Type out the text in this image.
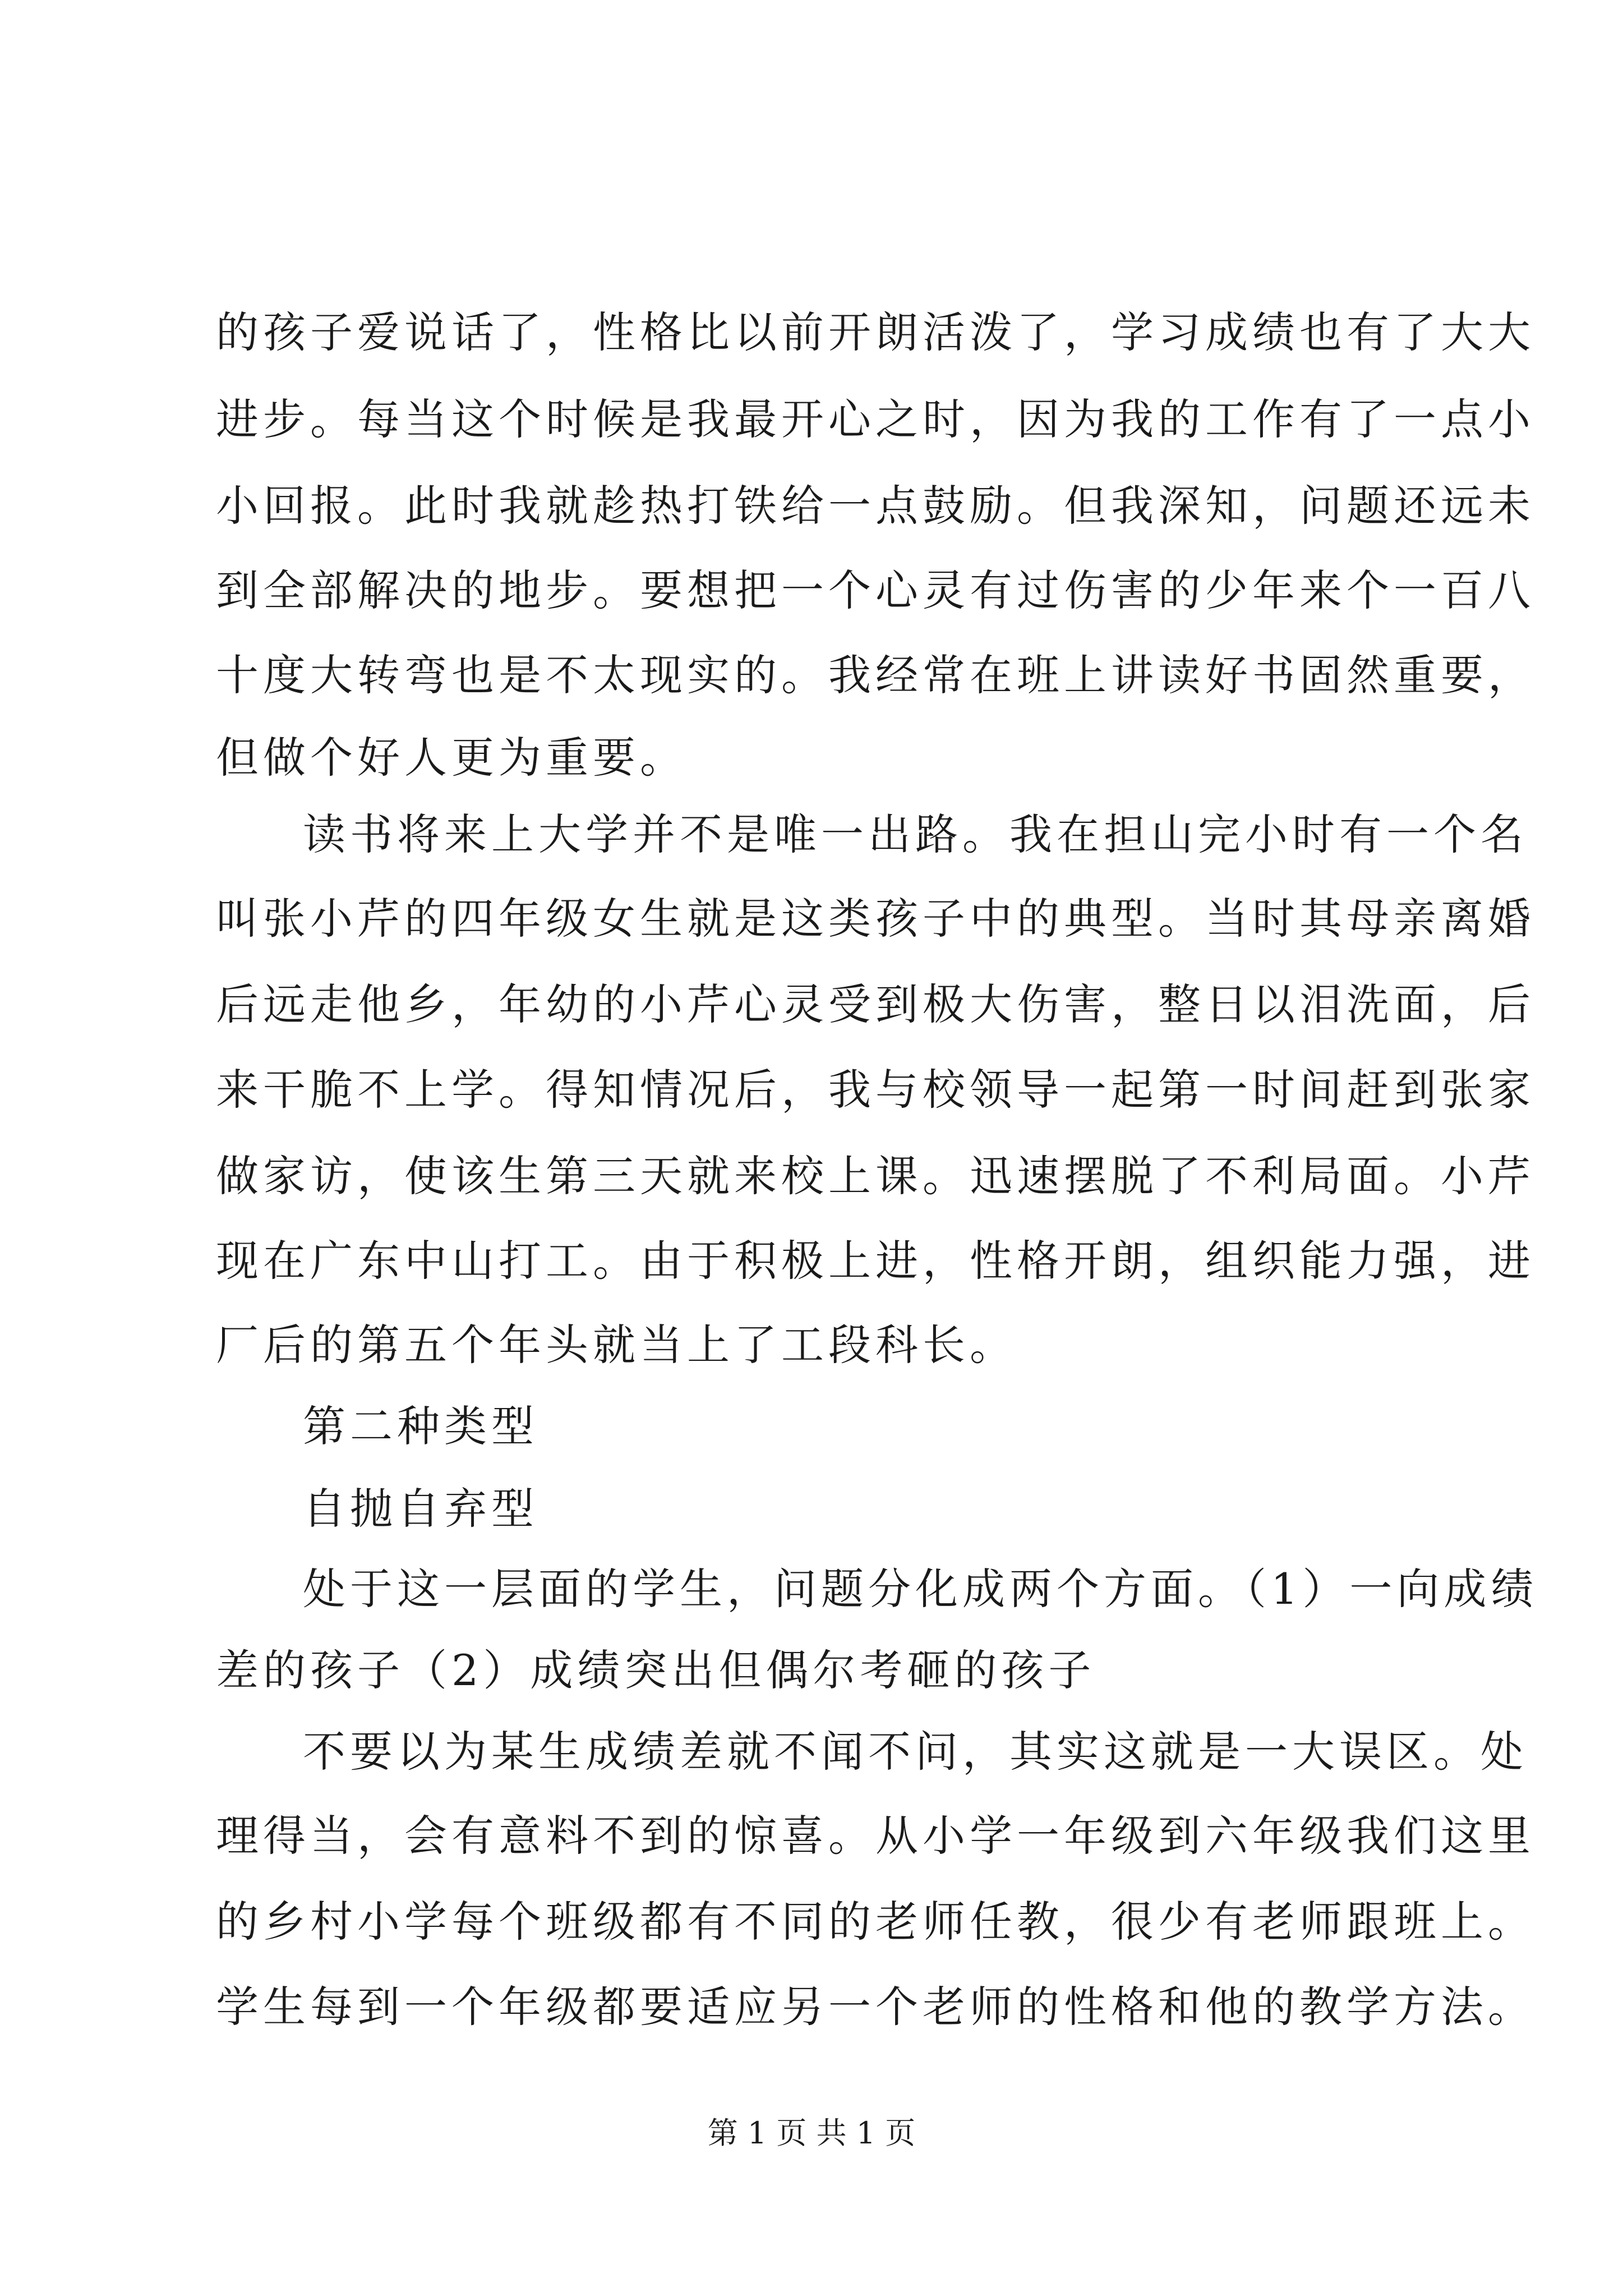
的孩子爱说话了，性格比以前开朗活泼了，学习成绩也有了大大
进步。每当这个时候是我最开心之时，因为我的工作有了一点小
小回报。此时我就趁热打铁给一点鼓励。但我深知，问题还远未
到全部解决的地步。要想把一个心灵有过伤害的少年来个一百八
十度大转弯也是不太现实的。我经常在班上讲读好书固然重要，
但做个好人更为重要。
读书将来上大学并不是唯一出路。我在担山完小时有一个名
叫张小芹的四年级女生就是这类孩子中的典型。当时其母亲离婚
后远走他乡，年幼的小芹心灵受到极大伤害，整日以泪洗面，后
来干脆不上学。得知情况后，我与校领导一起第一时间赶到张家
做家访，使该生第三天就来校上课。迅速摆脱了不利局面。小芹
现在广东中山打工。由于积极上进，性格开朗，组织能力强，进
厂后的第五个年头就当上了工段科长。
第二种类型
自抛自弃型
处于这一层面的学生，问题分化成两个方面。（1）一向成绩
差的孩子（2）成绩突出但偶尔考砸的孩子
不要以为某生成绩差就不闻不问，其实这就是一大误区。处
理得当，会有意料不到的惊喜。从小学一年级到六年级我们这里
的乡村小学每个班级都有不同的老师任教，很少有老师跟班上。
学生每到一个年级都要适应另一个老师的性格和他的教学方法。
第 1 页 共 1 页
